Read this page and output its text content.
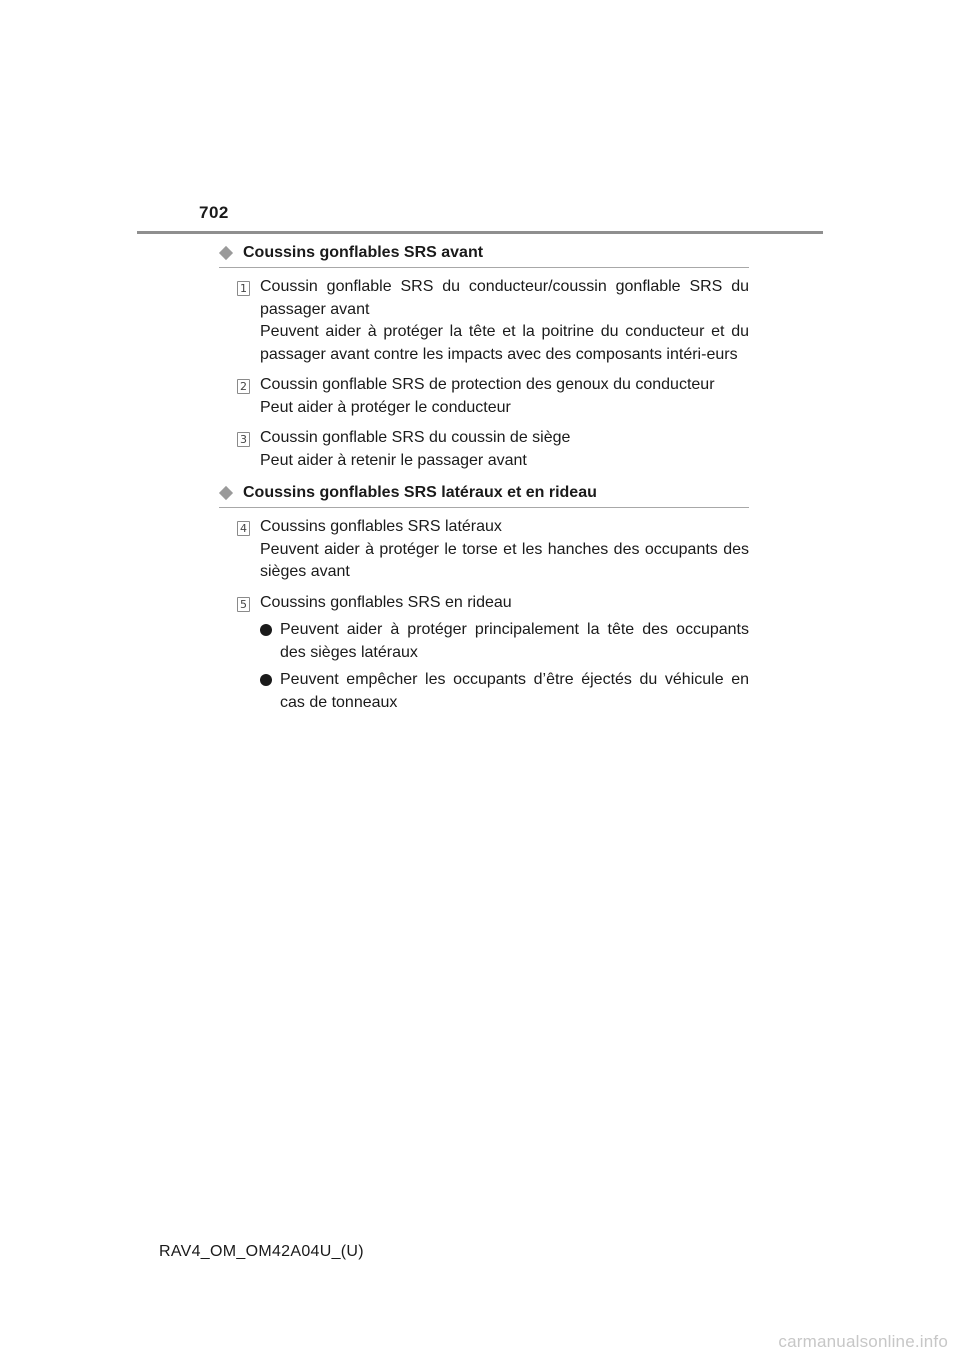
702
Coussins gonflables SRS avant
1 Coussin gonflable SRS du conducteur/coussin gonflable SRS du passager avant
Peuvent aider à protéger la tête et la poitrine du conducteur et du passager avant contre les impacts avec des composants intéri-eurs
2 Coussin gonflable SRS de protection des genoux du conducteur
Peut aider à protéger le conducteur
3 Coussin gonflable SRS du coussin de siège
Peut aider à retenir le passager avant
Coussins gonflables SRS latéraux et en rideau
4 Coussins gonflables SRS latéraux
Peuvent aider à protéger le torse et les hanches des occupants des sièges avant
5 Coussins gonflables SRS en rideau
Peuvent aider à protéger principalement la tête des occupants des sièges latéraux
Peuvent empêcher les occupants d’être éjectés du véhicule en cas de tonneaux
RAV4_OM_OM42A04U_(U)
carmanualsonline.info
